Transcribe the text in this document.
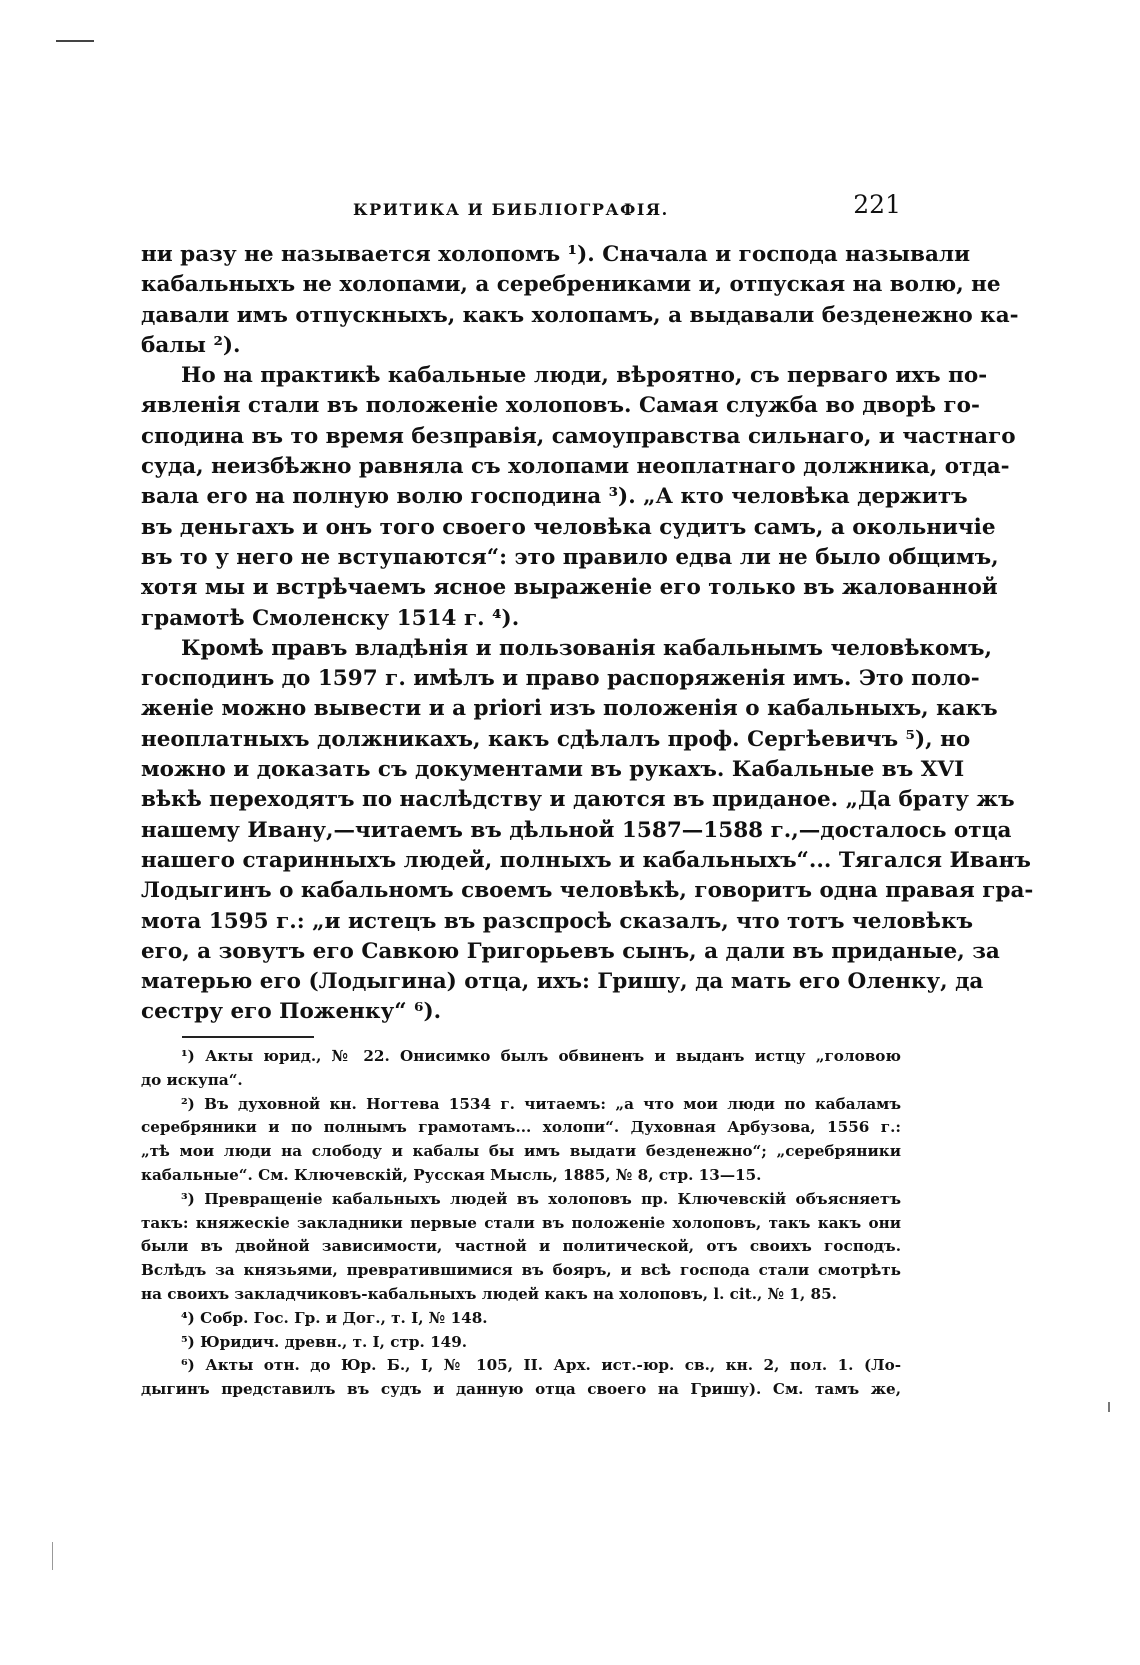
КРИТИКА И БИБЛІОГРАФІЯ.	221

ни разу не называется холопомъ ¹). Сначала и господа называли
кабальныхъ не холопами, а серебрениками и, отпуская на волю, не
давали имъ отпускныхъ, какъ холопамъ, а выдавали безденежно ка-
балы ²).

Но на практикѣ кабальные люди, вѣроятно, съ перваго ихъ по-
явленія стали въ положеніе холоповъ. Самая служба во дворѣ го-
сподина въ то время безправія, самоуправства сильнаго, и частнаго
суда, неизбѣжно равняла съ холопами неоплатнаго должника, отда-
вала его на полную волю господина ³). „А кто человѣка держитъ
въ деньгахъ и онъ того своего человѣка судитъ самъ, а окольничіе
въ то у него не вступаются“: это правило едва ли не было общимъ,
хотя мы и встрѣчаемъ ясное выраженіе его только въ жалованной
грамотѣ Смоленску 1514 г. ⁴).

Кромѣ правъ владѣнія и пользованія кабальнымъ человѣкомъ,
господинъ до 1597 г. имѣлъ и право распоряженія имъ. Это поло-
женіе можно вывести и a priori изъ положенія о кабальныхъ, какъ
неоплатныхъ должникахъ, какъ сдѣлалъ проф. Сергѣевичъ ⁵), но
можно и доказать съ документами въ рукахъ. Кабальные въ XVI
вѣкѣ переходятъ по наслѣдству и даются въ приданое. „Да брату жъ
нашему Ивану,—читаемъ въ дѣльной 1587—1588 г.,—досталось отца
нашего старинныхъ людей, полныхъ и кабальныхъ“... Тягался Иванъ
Лодыгинъ о кабальномъ своемъ человѣкѣ, говоритъ одна правая гра-
мота 1595 г.: „и истецъ въ разспросѣ сказалъ, что тотъ человѣкъ
его, а зовутъ его Савкою Григорьевъ сынъ, а дали въ приданые, за
матерью его (Лодыгина) отца, ихъ: Гришу, да мать его Оленку, да
сестру его Поженку“ ⁶).

¹) Акты юрид., № 22. Онисимко былъ обвиненъ и выданъ истцу „головою
до искупа“.
²) Въ духовной кн. Ногтева 1534 г. читаемъ: „а что мои люди по кабаламъ
серебряники и по полнымъ грамотамъ... холопи“. Духовная Арбузова, 1556 г.:
„тѣ мои люди на слободу и кабалы бы имъ выдати безденежно“; „серебряники
кабальные“. См. Ключевскій, Русская Мысль, 1885, № 8, стр. 13—15.
³) Превращеніе кабальныхъ людей въ холоповъ пр. Ключевскій объясняетъ
такъ: княжескіе закладники первые стали въ положеніе холоповъ, такъ какъ они
были въ двойной зависимости, частной и политической, отъ своихъ господъ.
Вслѣдъ за князьями, превратившимися въ бояръ, и всѣ господа стали смотрѣть
на своихъ закладчиковъ-кабальныхъ людей какъ на холоповъ, l. cit., № 1, 85.
⁴) Собр. Гос. Гр. и Дог., т. I, № 148.
⁵) Юридич. древн., т. I, стр. 149.
⁶) Акты отн. до Юр. Б., I, № 105, II. Арх. ист.-юр. св., кн. 2, пол. 1. (Ло-
дыгинъ представилъ въ судъ и данную отца своего на Гришу). См. тамъ же,
